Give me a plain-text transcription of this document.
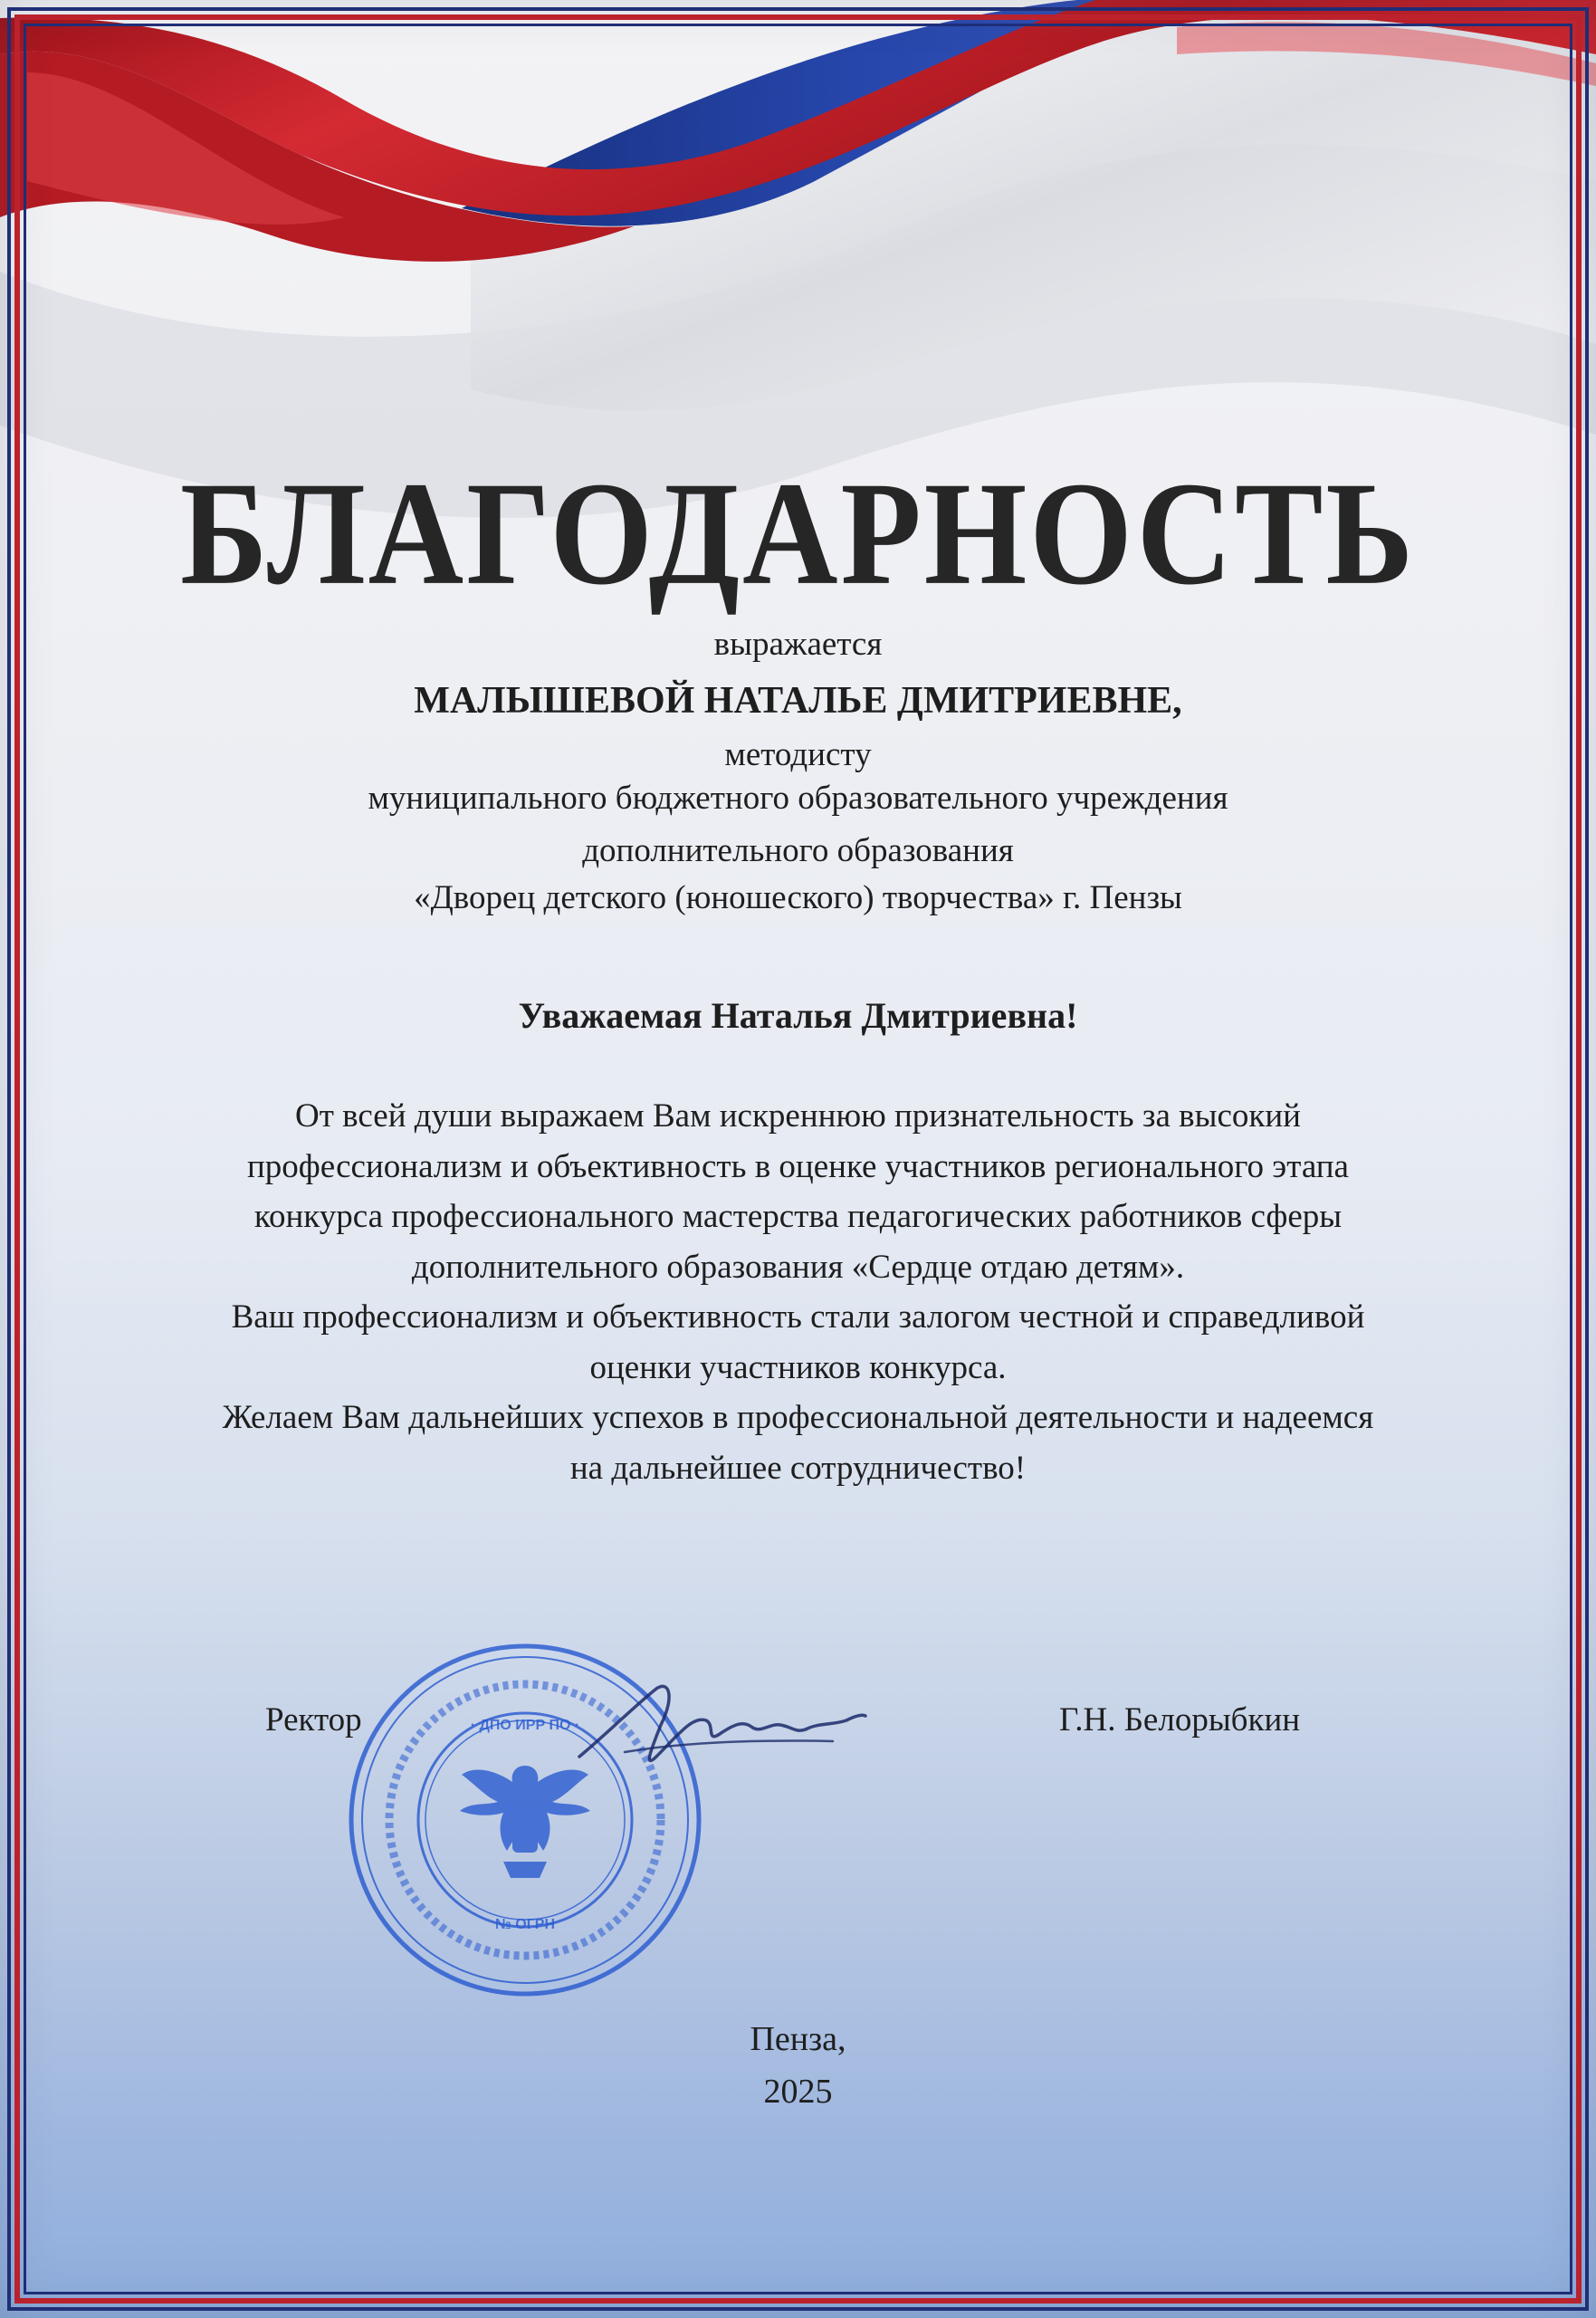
БЛАГОДАРНОСТЬ
выражается
МАЛЫШЕВОЙ НАТАЛЬЕ ДМИТРИЕВНЕ,
методисту
муниципального бюджетного образовательного учреждения
дополнительного образования
«Дворец детского (юношеского) творчества» г. Пензы
Уважаемая Наталья Дмитриевна!
От всей души выражаем Вам искреннюю признательность за высокий
профессионализм и объективность в оценке участников регионального этапа
конкурса профессионального мастерства педагогических работников сферы
дополнительного образования «Сердце отдаю детям».
Ваш профессионализм и объективность стали залогом честной и справедливой
оценки участников конкурса.
Желаем Вам дальнейших успехов в профессиональной деятельности и надеемся
на дальнейшее сотрудничество!
Ректор	Г.Н. Белорыбкин
· ДПО ИРР ПО ·
№ ОГРН
Пенза,
2025
